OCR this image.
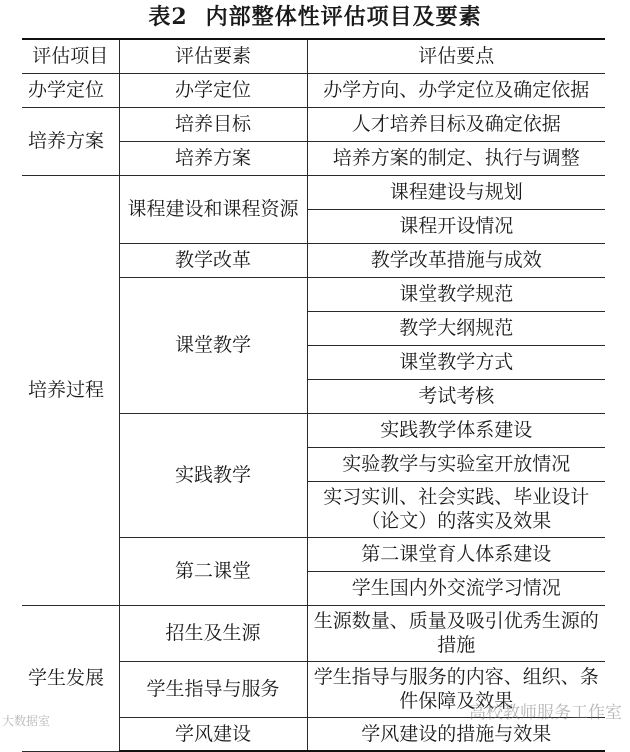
表2 内部整体性评估项目及要素
评估项目	评估要素	评估要点
办学定位	办学定位	办学方向、办学定位及确定依据
培养方案	培养目标	人才培养目标及确定依据
	培养方案	培养方案的制定、执行与调整
培养过程	课程建设和课程资源	课程建设与规划
		课程开设情况
	教学改革	教学改革措施与成效
	课堂教学	课堂教学规范
		教学大纲规范
		课堂教学方式
		考试考核
	实践教学	实践教学体系建设
		实验教学与实验室开放情况
		实习实训、社会实践、毕业设计（论文）的落实及效果
	第二课堂	第二课堂育人体系建设
		学生国内外交流学习情况
学生发展	招生及生源	生源数量、质量及吸引优秀生源的措施
	学生指导与服务	学生指导与服务的内容、组织、条件保障及效果
	学风建设	学风建设的措施与效果
大数据室	高校教师服务工作室
